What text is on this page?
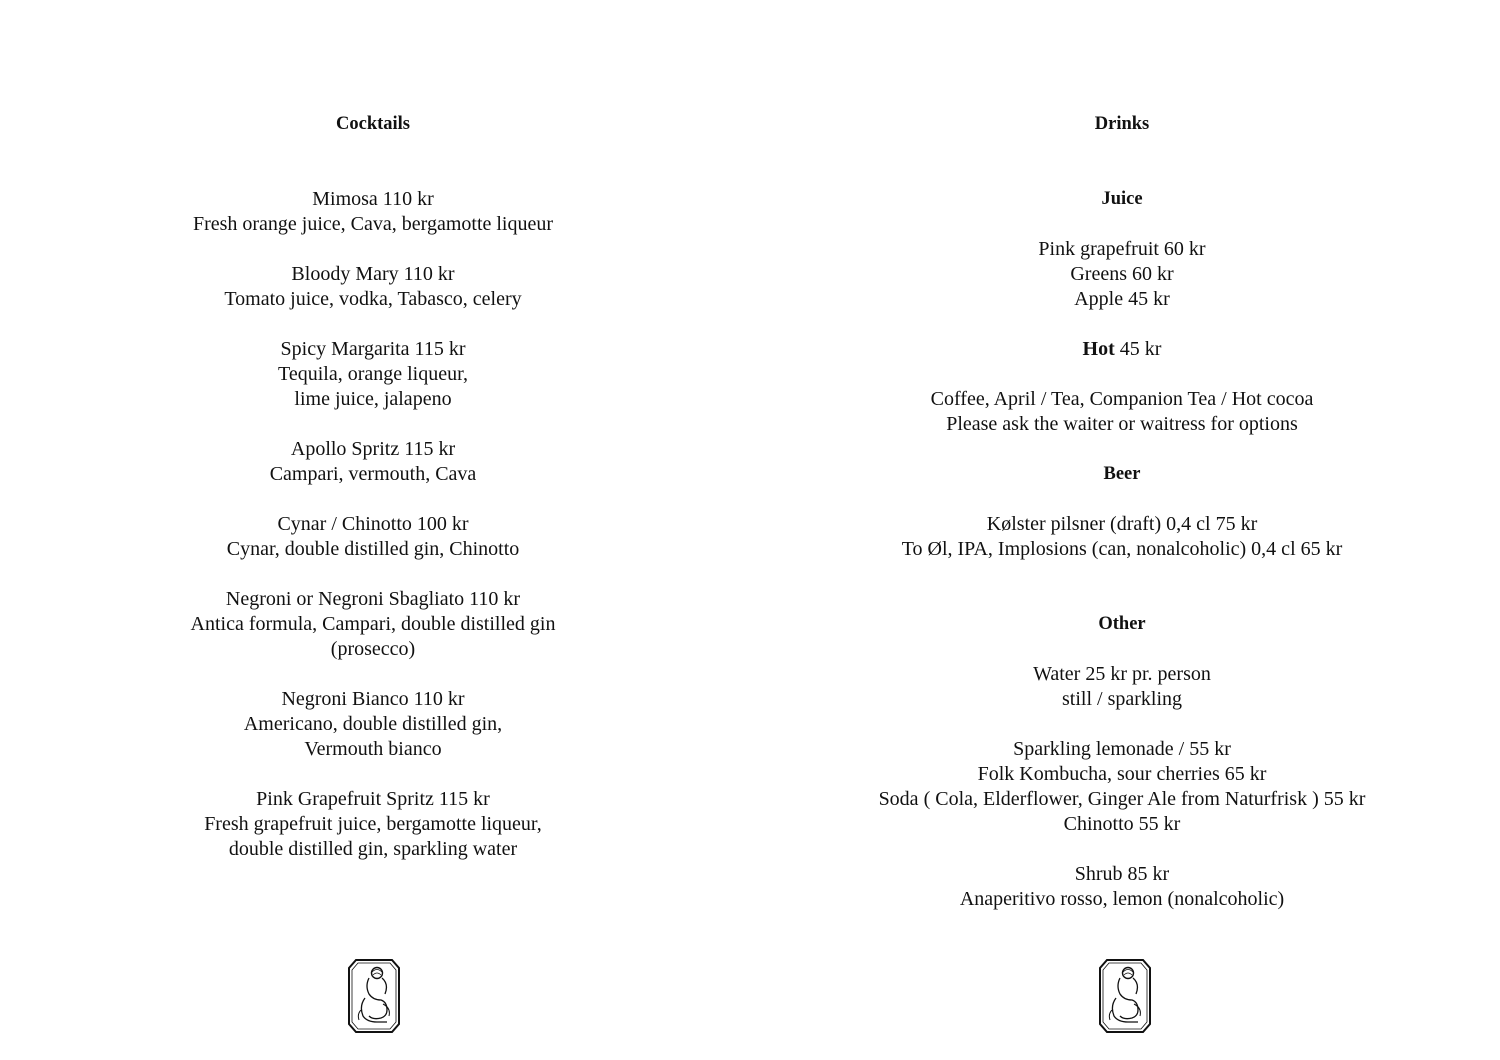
Cocktails
Mimosa 110 kr
Fresh orange juice, Cava, bergamotte liqueur
Bloody Mary 110 kr
Tomato juice, vodka, Tabasco, celery
Spicy Margarita 115 kr
Tequila, orange liqueur,
lime juice, jalapeno
Apollo Spritz 115 kr
Campari, vermouth, Cava
Cynar / Chinotto 100 kr
Cynar, double distilled gin, Chinotto
Negroni or Negroni Sbagliato 110 kr
Antica formula, Campari, double distilled gin
(prosecco)
Negroni Bianco 110 kr
Americano, double distilled gin,
Vermouth bianco
Pink Grapefruit Spritz 115 kr
Fresh grapefruit juice, bergamotte liqueur,
double distilled gin, sparkling water
Drinks
Juice
Pink grapefruit 60 kr
Greens 60 kr
Apple 45 kr
Hot 45 kr
Coffee, April / Tea, Companion Tea / Hot cocoa
Please ask the waiter or waitress for options
Beer
Kølster pilsner (draft) 0,4 cl 75 kr
To Øl, IPA, Implosions (can, nonalcoholic) 0,4 cl 65 kr
Other
Water 25 kr pr. person
still / sparkling
Sparkling lemonade / 55 kr
Folk Kombucha, sour cherries 65 kr
Soda ( Cola, Elderflower, Ginger Ale from Naturfrisk ) 55 kr
Chinotto 55 kr
Shrub 85 kr
Anaperitivo rosso, lemon (nonalcoholic)
